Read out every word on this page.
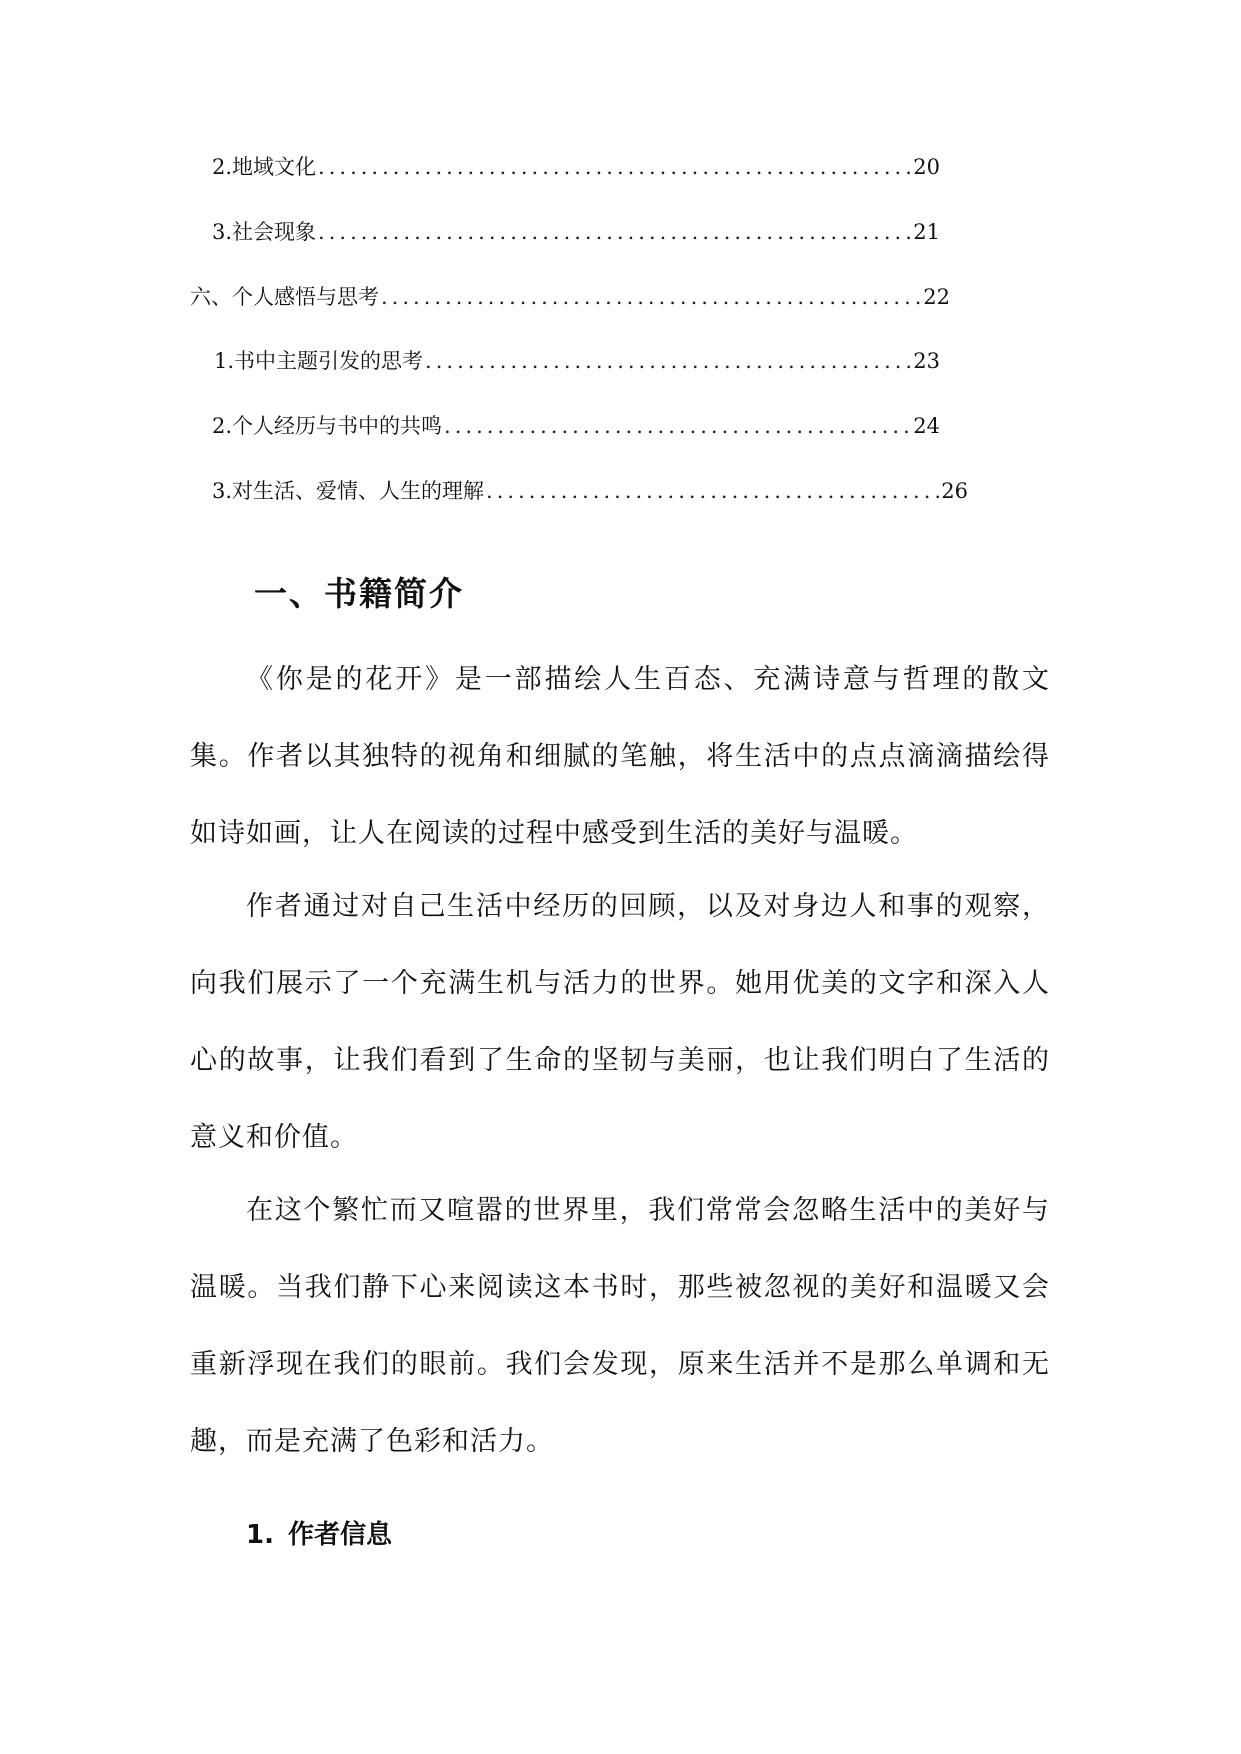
2. 地域文化 .....	20
3. 社会现象 .....	21
六、个人感悟与思考 .....	22
1. 书中主题引发的思考 .....	23
2. 个人经历与书中的共鸣 .....	24
3. 对生活、爱情、人生的理解 .....	26
一、书籍简介

《你是的花开》是一部描绘人生百态、充满诗意与哲理的散文集。作者以其独特的视角和细腻的笔触，将生活中的点点滴滴描绘得如诗如画，让人在阅读的过程中感受到生活的美好与温暖。

作者通过对自己生活中经历的回顾，以及对身边人和事的观察，向我们展示了一个充满生机与活力的世界。她用优美的文字和深入人心的故事，让我们看到了生命的坚韧与美丽，也让我们明白了生活的意义和价值。

在这个繁忙而又喧嚣的世界里，我们常常会忽略生活中的美好与温暖。当我们静下心来阅读这本书时，那些被忽视的美好和温暖又会重新浮现在我们的眼前。我们会发现，原来生活并不是那么单调和无趣，而是充满了色彩和活力。

1. 作者信息
